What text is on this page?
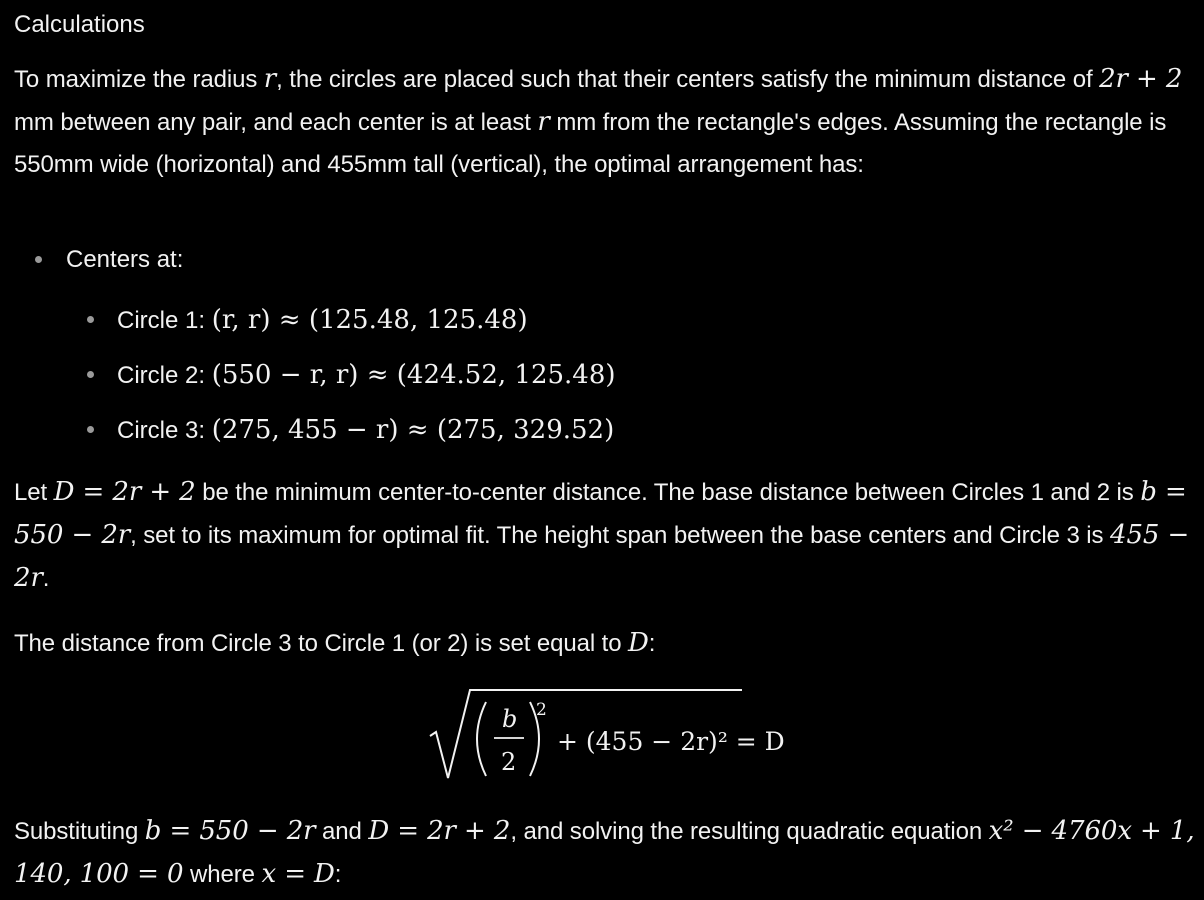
Calculations
To maximize the radius r, the circles are placed such that their centers satisfy the minimum distance of 2r + 2 mm between any pair, and each center is at least r mm from the rectangle's edges. Assuming the rectangle is 550mm wide (horizontal) and 455mm tall (vertical), the optimal arrangement has:
Centers at:
Circle 1: (r, r) ≈ (125.48, 125.48)
Circle 2: (550 − r, r) ≈ (424.52, 125.48)
Circle 3: (275, 455 − r) ≈ (275, 329.52)
Let D = 2r + 2 be the minimum center-to-center distance. The base distance between Circles 1 and 2 is b = 550 − 2r, set to its maximum for optimal fit. The height span between the base centers and Circle 3 is 455 − 2r.
The distance from Circle 3 to Circle 1 (or 2) is set equal to D:
b
2
2
+ (455 − 2r)² = D
Substituting b = 550 − 2r and D = 2r + 2, and solving the resulting quadratic equation x² − 4760x + 1, 140, 100 = 0 where x = D:
